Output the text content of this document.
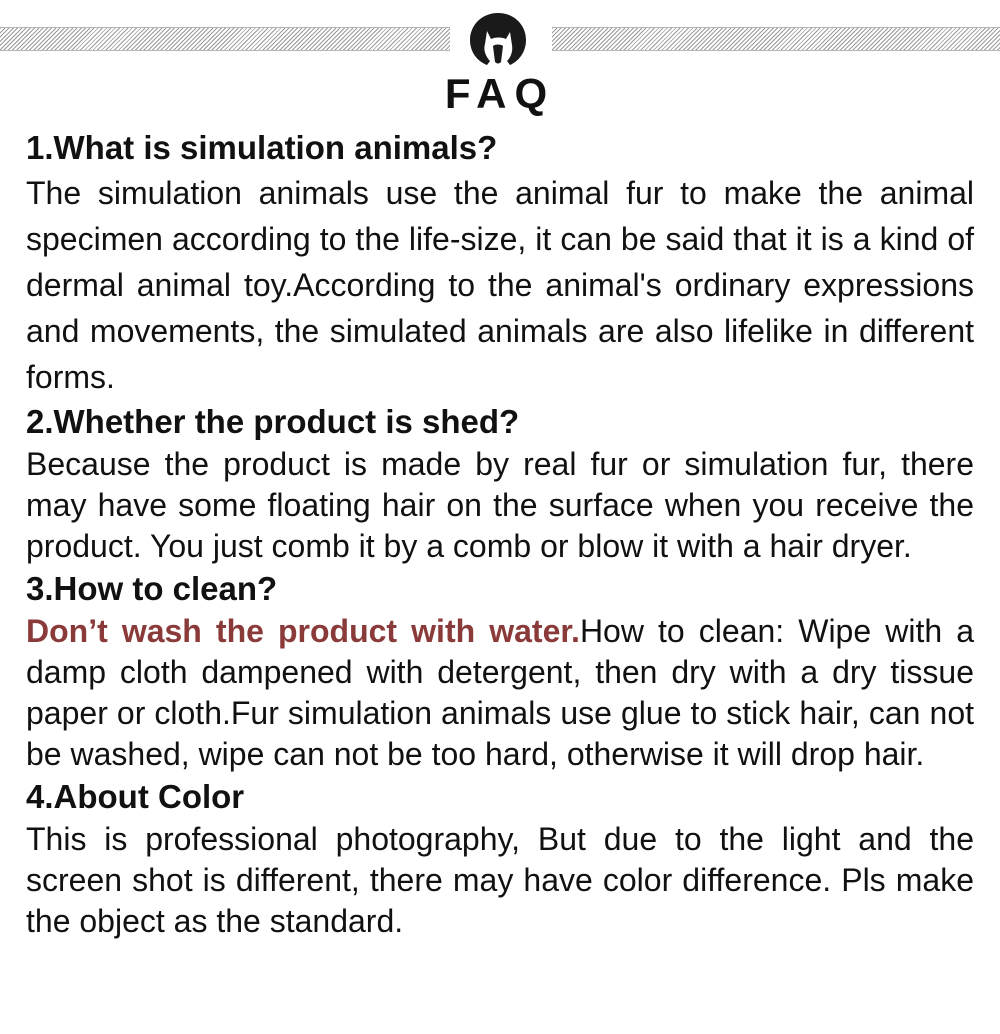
FAQ

1.What is simulation animals?

The simulation animals use the animal fur to make the animal specimen according to the life-size, it can be said that it is a kind of dermal animal toy.According to the animal's ordinary expressions and movements, the simulated animals are also lifelike in different forms.

2.Whether the product is shed?

Because the product is made by real fur or simulation fur, there may have some floating hair on the surface when you receive the product. You just comb it by a comb or blow it with a hair dryer.

3.How to clean?

Don’t wash the product with water.How to clean: Wipe with a damp cloth dampened with detergent, then dry with a dry tissue paper or cloth.Fur simulation animals use glue to stick hair, can not be washed, wipe can not be too hard, otherwise it will drop hair.

4.About Color

This is professional photography, But due to the light and the screen shot is different, there may have color difference. Pls make the object as the standard.
